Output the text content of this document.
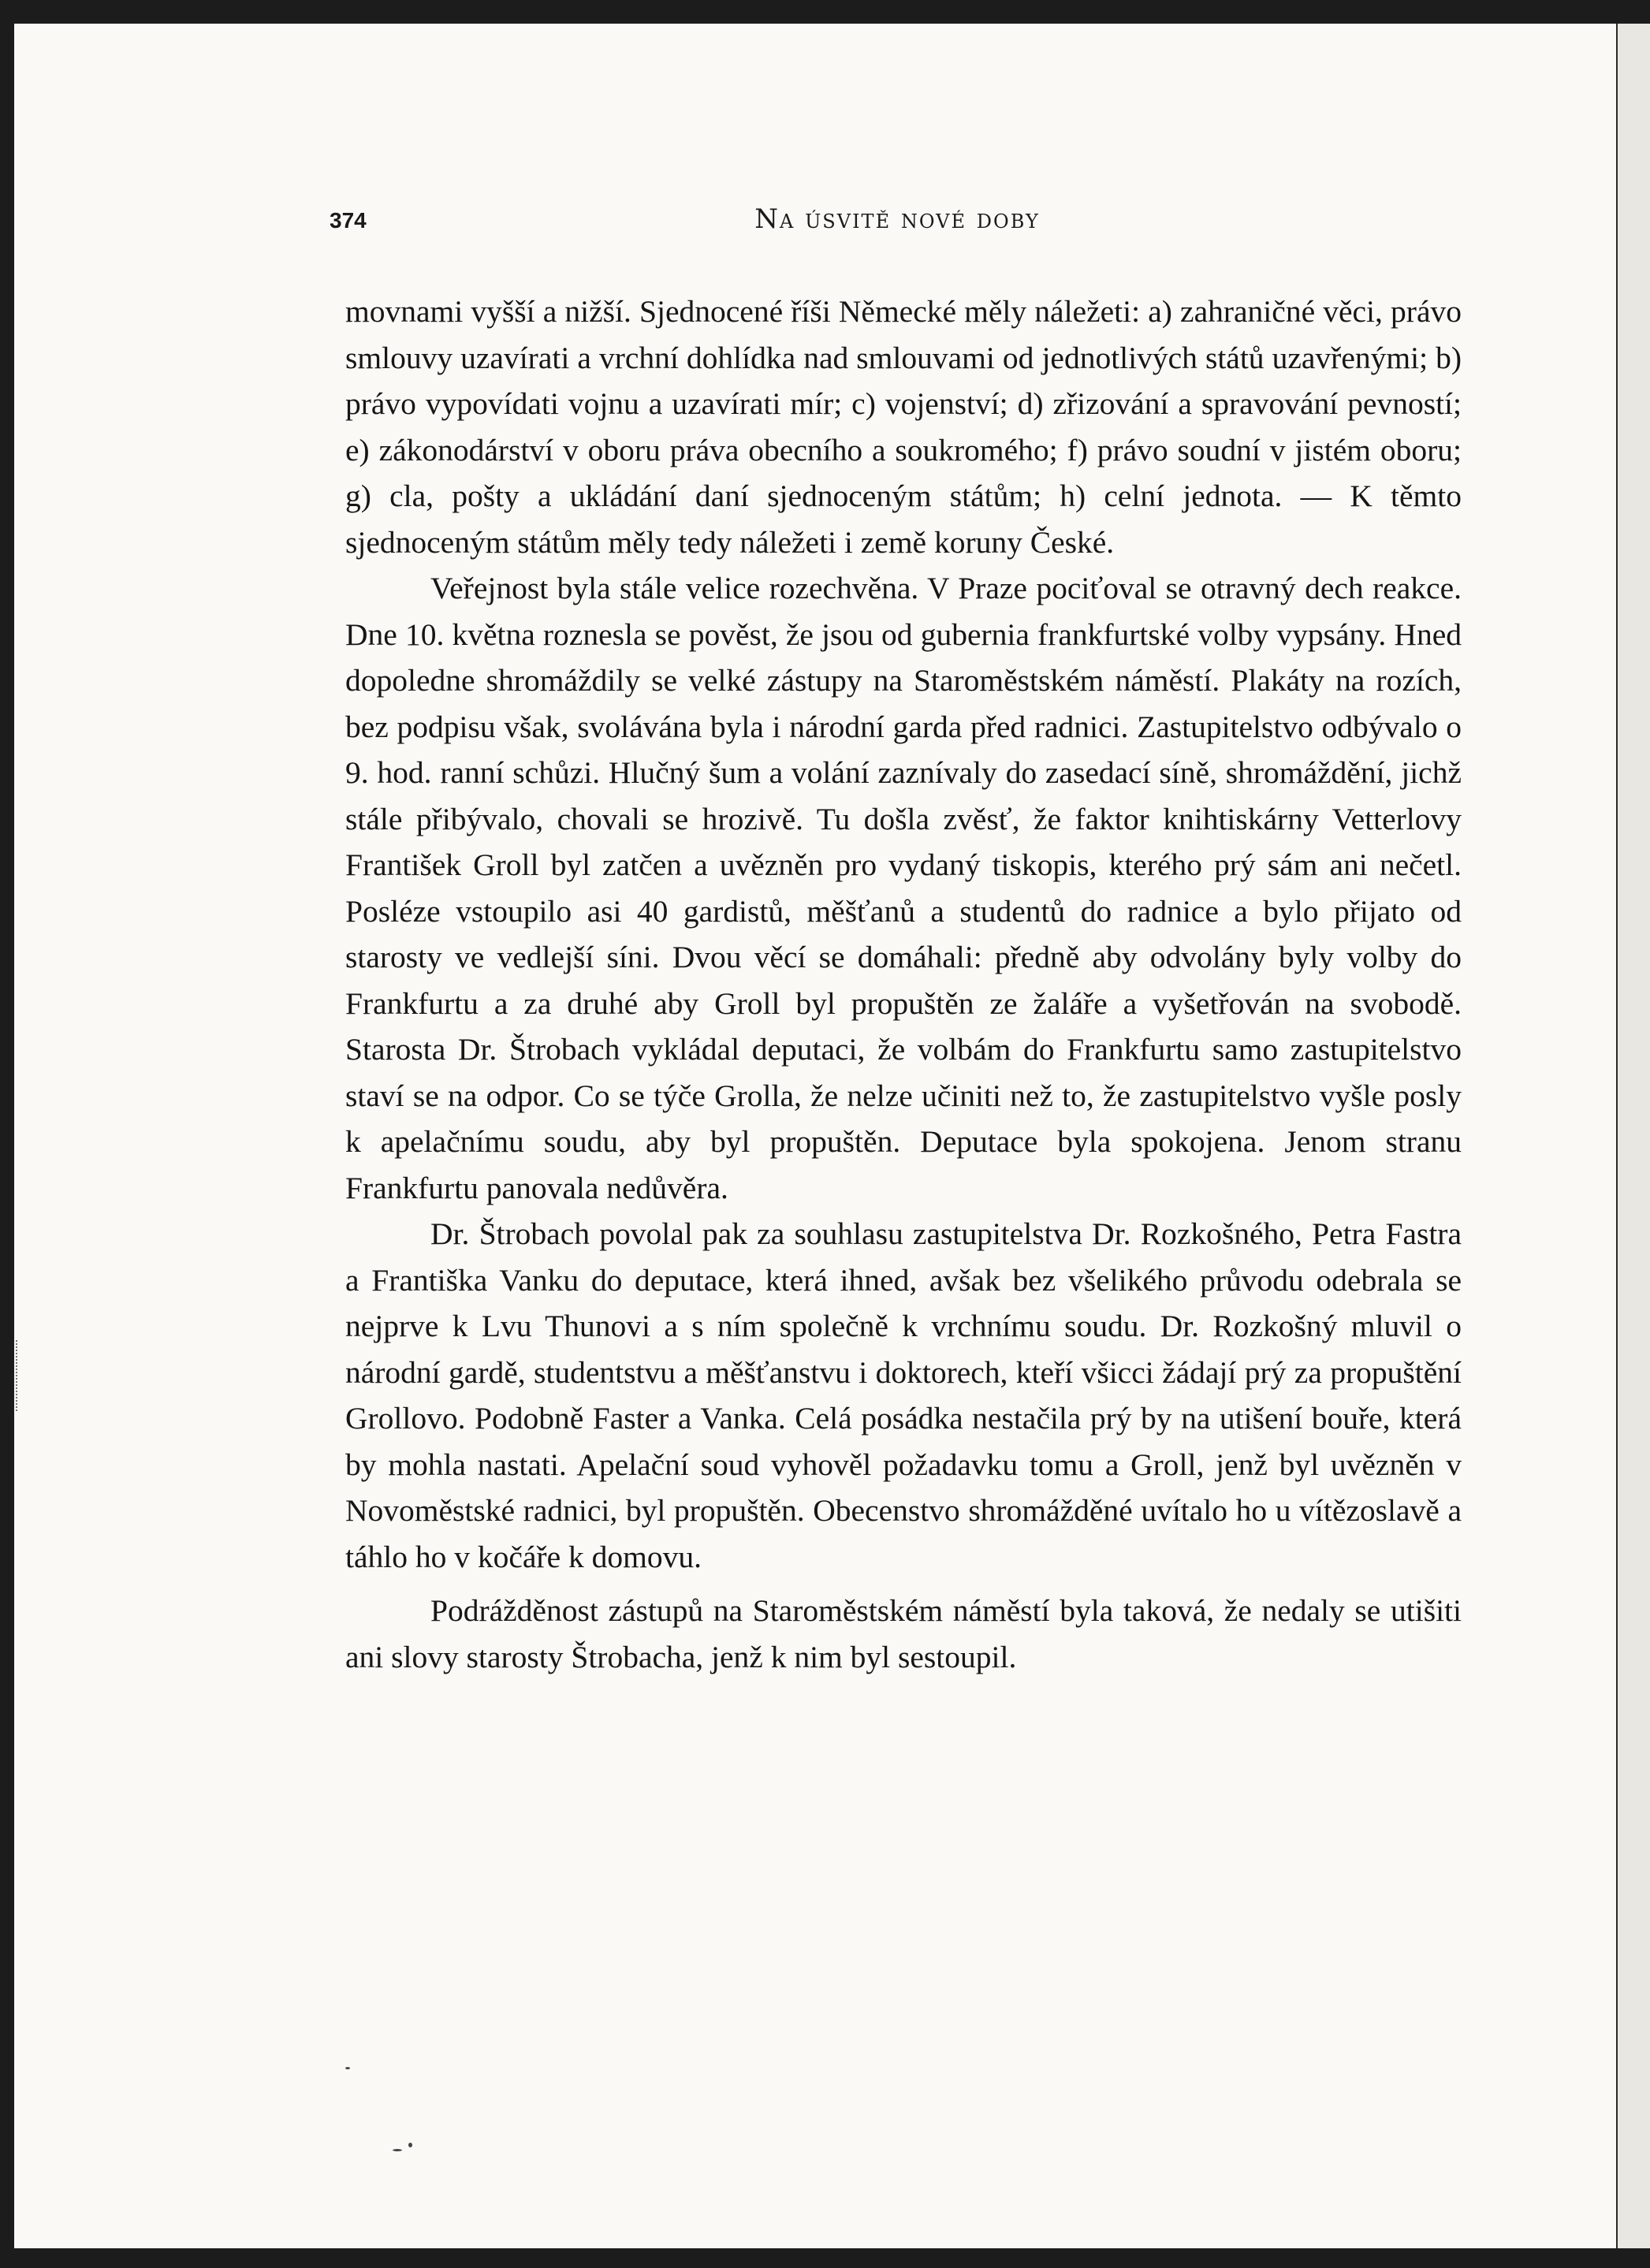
374	Na úsvitě nové doby

movnami vyšší a nižší. Sjednocené říši Německé měly náležeti: a) zahraničné věci, právo smlouvy uzavírati a vrchní dohlídka nad smlouvami od jednotlivých států uzavřenými; b) právo vypovídati vojnu a uzavírati mír; c) vojenství; d) zřizování a spravování pevností; e) zákonodárství v oboru práva obecního a soukromého; f) právo soudní v jistém oboru; g) cla, pošty a ukládání daní sjednoceným státům; h) celní jednota. — K těmto sjednoceným státům měly tedy náležeti i země koruny České.

Veřejnost byla stále velice rozechvěna. V Praze pociťoval se otravný dech reakce. Dne 10. května roznesla se pověst, že jsou od gubernia frankfurtské volby vypsány. Hned dopoledne shromáždily se velké zástupy na Staroměstském náměstí. Plakáty na rozích, bez podpisu však, svolávána byla i národní garda před radnici. Zastupitelstvo odbývalo o 9. hod. ranní schůzi. Hlučný šum a volání zaznívaly do zasedací síně, shromáždění, jichž stále přibývalo, chovali se hrozivě. Tu došla zvěsť, že faktor knihtiskárny Vetterlovy František Groll byl zatčen a uvězněn pro vydaný tiskopis, kterého prý sám ani nečetl. Posléze vstoupilo asi 40 gardistů, měšťanů a studentů do radnice a bylo přijato od starosty ve vedlejší síni. Dvou věcí se domáhali: předně aby odvolány byly volby do Frankfurtu a za druhé aby Groll byl propuštěn ze žaláře a vyšetřován na svobodě. Starosta Dr. Štrobach vykládal deputaci, že volbám do Frankfurtu samo zastupitelstvo staví se na odpor. Co se týče Grolla, že nelze učiniti než to, že zastupitelstvo vyšle posly k apelačnímu soudu, aby byl propuštěn. Deputace byla spokojena. Jenom stranu Frankfurtu panovala nedůvěra.

Dr. Štrobach povolal pak za souhlasu zastupitelstva Dr. Rozkošného, Petra Fastra a Františka Vanku do deputace, která ihned, avšak bez všelikého průvodu odebrala se nejprve k Lvu Thunovi a s ním společně k vrchnímu soudu. Dr. Rozkošný mluvil o národní gardě, studentstvu a měšťanstvu i doktorech, kteří všicci žádají prý za propuštění Grollovo. Podobně Faster a Vanka. Celá posádka nestačila prý by na utišení bouře, která by mohla nastati. Apelační soud vyhověl požadavku tomu a Groll, jenž byl uvězněn v Novoměstské radnici, byl propuštěn. Obecenstvo shromážděné uvítalo ho u vítězoslavě a táhlo ho v kočáře k domovu.

Podrážděnost zástupů na Staroměstském náměstí byla taková, že nedaly se utišiti ani slovy starosty Štrobacha, jenž k nim byl sestoupil.
